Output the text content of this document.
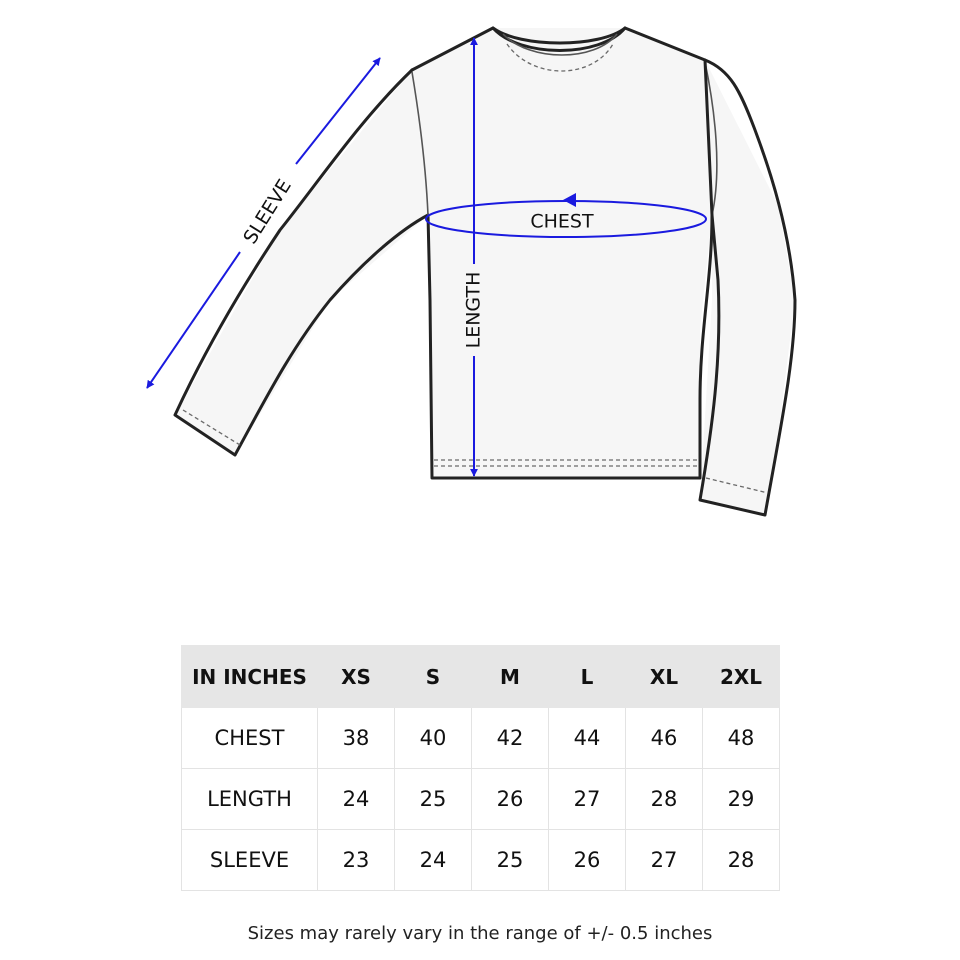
SLEEVE
LENGTH
CHEST
IN INCHES	XS	S	M	L	XL	2XL
CHEST	38	40	42	44	46	48
LENGTH	24	25	26	27	28	29
SLEEVE	23	24	25	26	27	28
Sizes may rarely vary in the range of +/- 0.5 inches
